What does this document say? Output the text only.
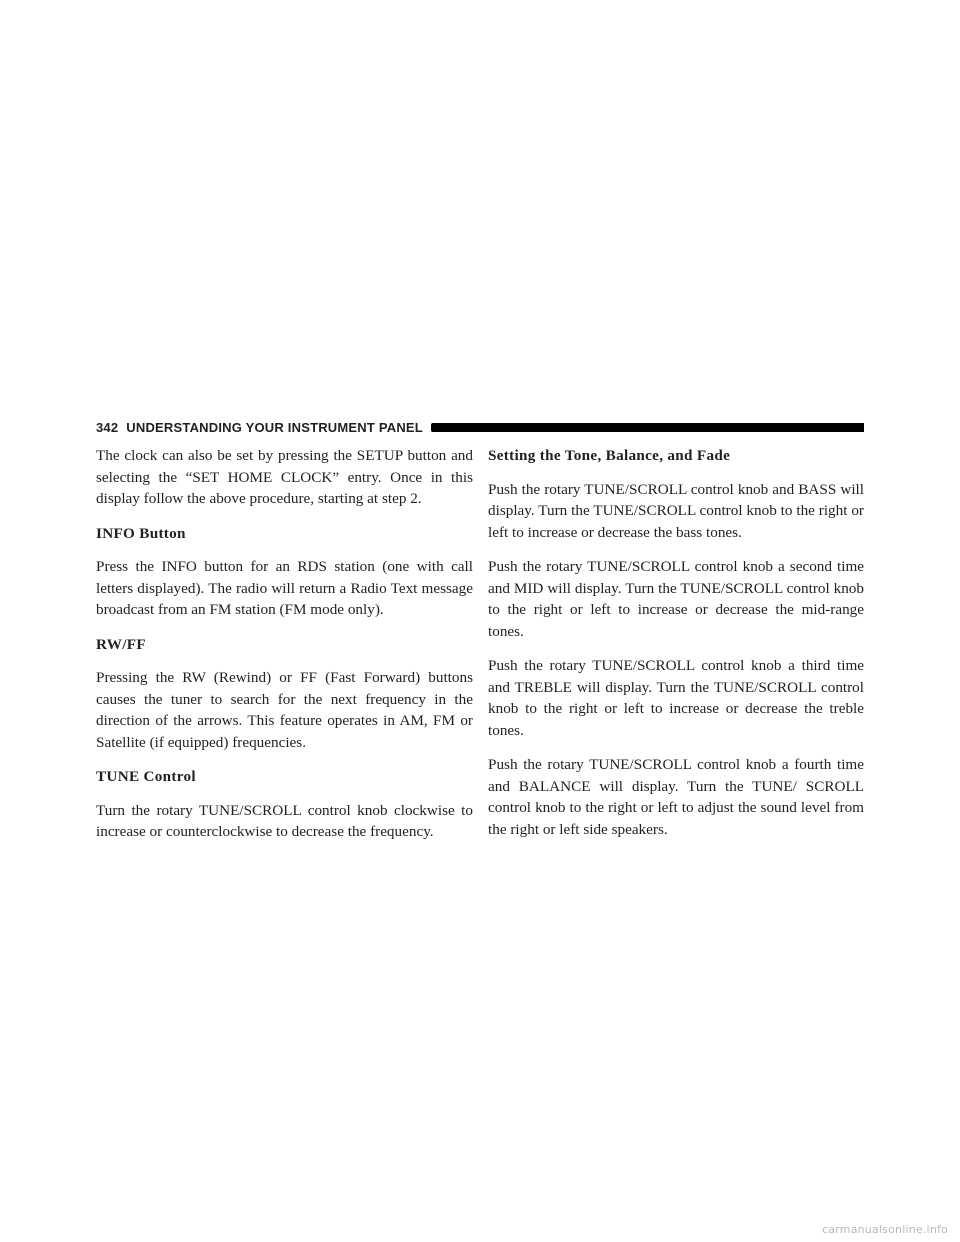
342 UNDERSTANDING YOUR INSTRUMENT PANEL

The clock can also be set by pressing the SETUP button and selecting the “SET HOME CLOCK” entry. Once in this display follow the above procedure, starting at step 2.

INFO Button

Press the INFO button for an RDS station (one with call letters displayed). The radio will return a Radio Text message broadcast from an FM station (FM mode only).

RW/FF

Pressing the RW (Rewind) or FF (Fast Forward) buttons causes the tuner to search for the next frequency in the direction of the arrows. This feature operates in AM, FM or Satellite (if equipped) frequencies.

TUNE Control

Turn the rotary TUNE/SCROLL control knob clockwise to increase or counterclockwise to decrease the frequency.

Setting the Tone, Balance, and Fade

Push the rotary TUNE/SCROLL control knob and BASS will display. Turn the TUNE/SCROLL control knob to the right or left to increase or decrease the bass tones.

Push the rotary TUNE/SCROLL control knob a second time and MID will display. Turn the TUNE/SCROLL control knob to the right or left to increase or decrease the mid-range tones.

Push the rotary TUNE/SCROLL control knob a third time and TREBLE will display. Turn the TUNE/SCROLL control knob to the right or left to increase or decrease the treble tones.

Push the rotary TUNE/SCROLL control knob a fourth time and BALANCE will display. Turn the TUNE/ SCROLL control knob to the right or left to adjust the sound level from the right or left side speakers.

carmanualsonline.info
